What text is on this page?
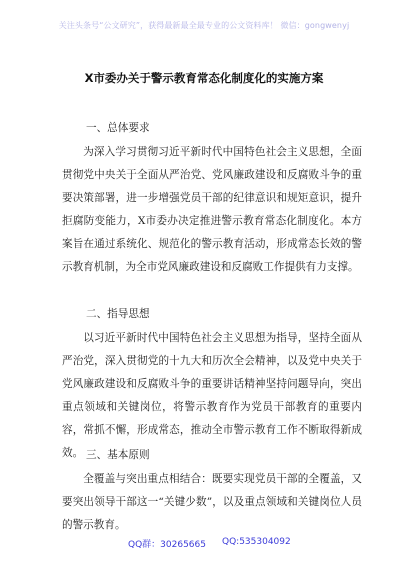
关注头条号“公文研究”，获得最新最全最专业的公文资料库！ 微信：gongwenyj
X市委办关于警示教育常态化制度化的实施方案
一、总体要求

为深入学习贯彻习近平新时代中国特色社会主义思想，全面贯彻党中央关于全面从严治党、党风廉政建设和反腐败斗争的重要决策部署，进一步增强党员干部的纪律意识和规矩意识，提升拒腐防变能力，X市委办决定推进警示教育常态化制度化。本方案旨在通过系统化、规范化的警示教育活动，形成常态长效的警示教育机制，为全市党风廉政建设和反腐败工作提供有力支撑。

二、指导思想

以习近平新时代中国特色社会主义思想为指导，坚持全面从严治党，深入贯彻党的十九大和历次全会精神，以及党中央关于党风廉政建设和反腐败斗争的重要讲话精神坚持问题导向，突出重点领域和关键岗位，将警示教育作为党员干部教育的重要内容，常抓不懈，形成常态，推动全市警示教育工作不断取得新成效。 三、基本原则

全覆盖与突出重点相结合：既要实现党员干部的全覆盖，又要突出领导干部这一“关键少数”，以及重点领域和关键岗位人员的警示教育。

QQ群：30265665 QQ:535304092
